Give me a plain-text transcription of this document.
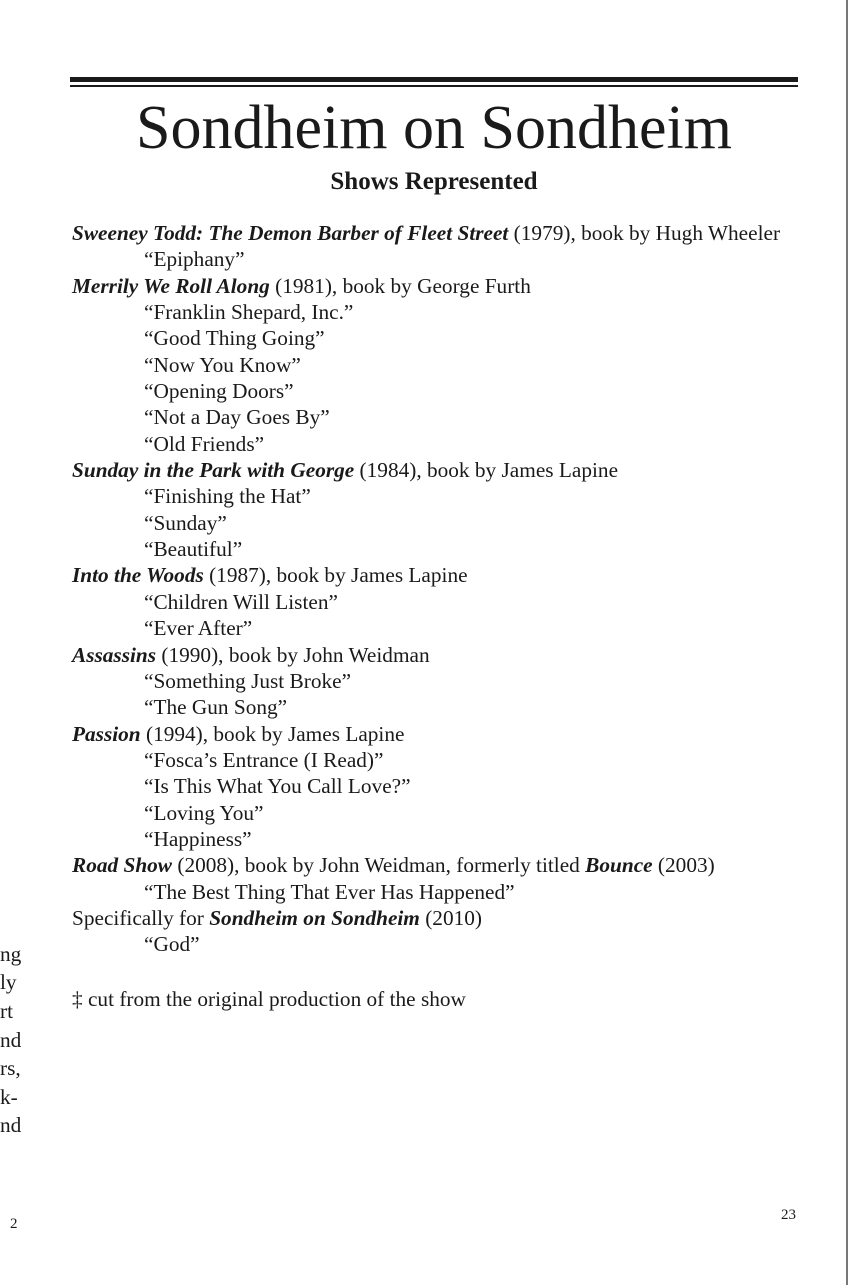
Sondheim on Sondheim
Shows Represented
Sweeney Todd: The Demon Barber of Fleet Street (1979), book by Hugh Wheeler
“Epiphany”
Merrily We Roll Along (1981), book by George Furth
“Franklin Shepard, Inc.”
“Good Thing Going”
“Now You Know”
“Opening Doors”
“Not a Day Goes By”
“Old Friends”
Sunday in the Park with George (1984), book by James Lapine
“Finishing the Hat”
“Sunday”
“Beautiful”
Into the Woods (1987), book by James Lapine
“Children Will Listen”
“Ever After”
Assassins (1990), book by John Weidman
“Something Just Broke”
“The Gun Song”
Passion (1994), book by James Lapine
“Fosca’s Entrance (I Read)”
“Is This What You Call Love?”
“Loving You”
“Happiness”
Road Show (2008), book by John Weidman, formerly titled Bounce (2003)
“The Best Thing That Ever Has Happened”
Specifically for Sondheim on Sondheim (2010)
“God”
‡ cut from the original production of the show
ng
ly
rt
nd
rs,
k-
nd
2
23
